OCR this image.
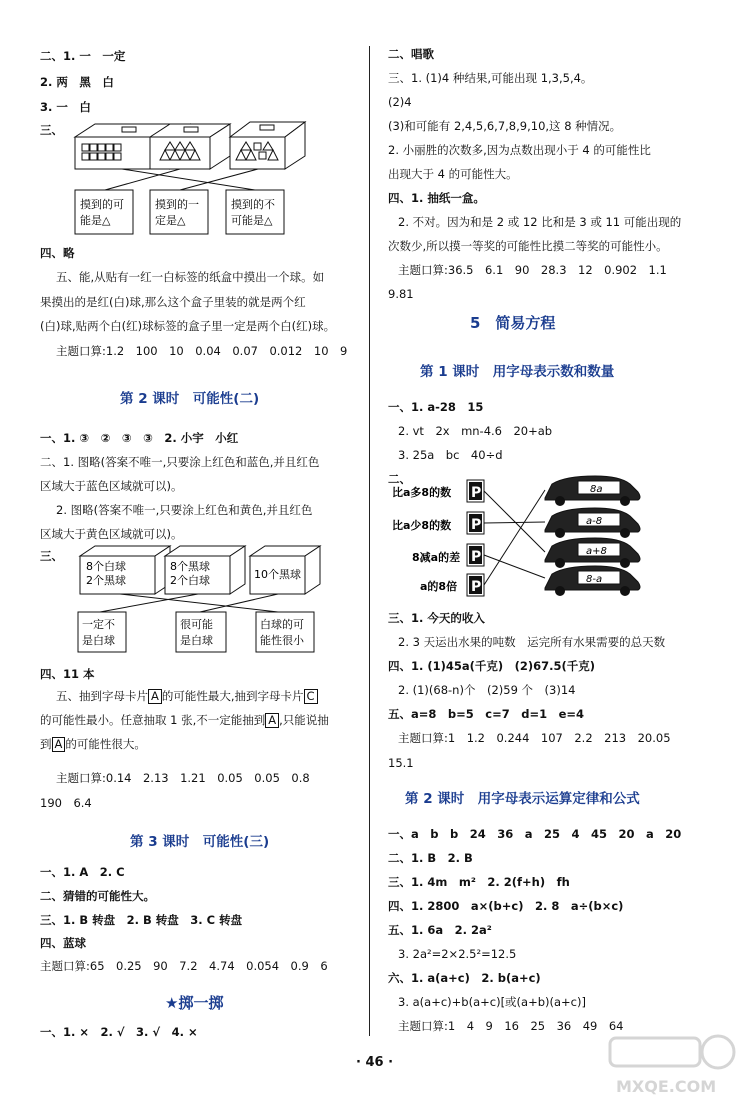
二、1. 一　一定
2. 两　黑　白
3. 一　白
三、
摸到的可
能是△
摸到的一
定是△
摸到的不
可能是△
四、略
五、能,从贴有一红一白标签的纸盒中摸出一个球。如
果摸出的是红(白)球,那么这个盒子里装的就是两个红
(白)球,贴两个白(红)球标签的盒子里一定是两个白(红)球。
主题口算:1.2　100　10　0.04　0.07　0.012　10　9
第 2 课时　可能性(二)
一、1. ③　②　③　③　2. 小宇　小红
二、1. 图略(答案不唯一,只要涂上红色和蓝色,并且红色
区域大于蓝色区域就可以)。
2. 图略(答案不唯一,只要涂上红色和黄色,并且红色
区域大于黄色区域就可以)。
三、
8个白球
2个黑球
8个黑球
2个白球	10个黑球
一定不
是白球
很可能
是白球
白球的可
能性很小
四、11 本
五、抽到字母卡片 A 的可能性最大,抽到字母卡片 C
的可能性最小。任意抽取 1 张,不一定能抽到 A ,只能说抽
到 A 的可能性很大。
主题口算:0.14　2.13　1.21　0.05　0.05　0.8
190　6.4
第 3 课时　可能性(三)
一、1. A　2. C
二、猜错的可能性大。
三、1. B 转盘　2. B 转盘　3. C 转盘
四、蓝球
主题口算:65　0.25　90　7.2　4.74　0.054　0.9　6
★掷一掷
一、1. ×　2. √　3. √　4. ×
二、唱歌
三、1. (1)4 种结果,可能出现 1,3,5,4。
(2)4
(3)和可能有 2,4,5,6,7,8,9,10,这 8 种情况。
2. 小丽胜的次数多,因为点数出现小于 4 的可能性比
出现大于 4 的可能性大。
四、1. 抽纸一盒。
2. 不对。因为和是 2 或 12 比和是 3 或 11 可能出现的
次数少,所以摸一等奖的可能性比摸二等奖的可能性小。
主题口算:36.5　6.1　90　28.3　12　0.902　1.1
9.81
5　简易方程
第 1 课时　用字母表示数和数量
一、1. a-28　15
2. vt　2x　mn-4.6　20+ab
3. 25a　bc　40÷d
二、
比a多8的数
比a少8的数
8减a的差
a的8倍
P
P
P
P
8a
a-8
a+8
8-a
三、1. 今天的收入
2. 3 天运出水果的吨数　运完所有水果需要的总天数
四、1. (1)45a(千克)　(2)67.5(千克)
2. (1)(68-n)个　(2)59 个　(3)14
五、a=8　b=5　c=7　d=1　e=4
主题口算:1　1.2　0.244　107　2.2　213　20.05
15.1
第 2 课时　用字母表示运算定律和公式
一、a　b　b　24　36　a　25　4　45　20　a　20
二、1. B　2. B
三、1. 4m　m²　2. 2(f+h)　fh
四、1. 2800　a×(b+c)　2. 8　a÷(b×c)
五、1. 6a　2. 2a²
3. 2a²=2×2.5²=12.5
六、1. a(a+c)　2. b(a+c)
3. a(a+c)+b(a+c)[或(a+b)(a+c)]
主题口算:1　4　9　16　25　36　49　64
· 46 ·
MXQE.COM
